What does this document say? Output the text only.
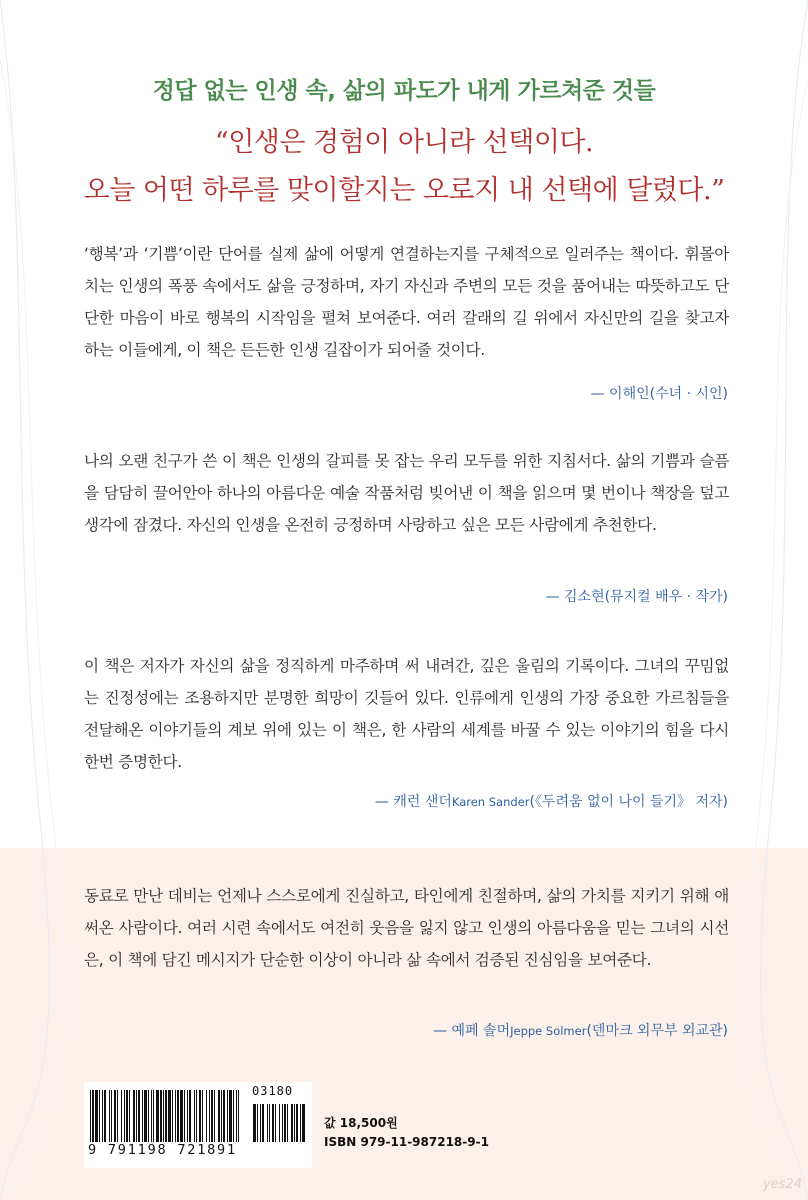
정답 없는 인생 속, 삶의 파도가 내게 가르쳐준 것들
“인생은 경험이 아니라 선택이다.
오늘 어떤 하루를 맞이할지는 오로지 내 선택에 달렸다.”

‘행복’과 ‘기쁨’이란 단어를 실제 삶에 어떻게 연결하는지를 구체적으로 일러주는 책이다. 휘몰아치는 인생의 폭풍 속에서도 삶을 긍정하며, 자기 자신과 주변의 모든 것을 품어내는 따뜻하고도 단단한 마음이 바로 행복의 시작임을 펼쳐 보여준다. 여러 갈래의 길 위에서 자신만의 길을 찾고자 하는 이들에게, 이 책은 든든한 인생 길잡이가 되어줄 것이다.

— 이해인(수녀 · 시인)

나의 오랜 친구가 쓴 이 책은 인생의 갈피를 못 잡는 우리 모두를 위한 지침서다. 삶의 기쁨과 슬픔을 담담히 끌어안아 하나의 아름다운 예술 작품처럼 빚어낸 이 책을 읽으며 몇 번이나 책장을 덮고 생각에 잠겼다. 자신의 인생을 온전히 긍정하며 사랑하고 싶은 모든 사람에게 추천한다.

— 김소현(뮤지컬 배우 · 작가)

이 책은 저자가 자신의 삶을 정직하게 마주하며 써 내려간, 깊은 울림의 기록이다. 그녀의 꾸밈없는 진정성에는 조용하지만 분명한 희망이 깃들어 있다. 인류에게 인생의 가장 중요한 가르침들을 전달해온 이야기들의 계보 위에 있는 이 책은, 한 사람의 세계를 바꿀 수 있는 이야기의 힘을 다시 한번 증명한다.

— 캐런 샌더Karen Sander(《두려움 없이 나이 들기》 저자)

동료로 만난 데비는 언제나 스스로에게 진실하고, 타인에게 친절하며, 삶의 가치를 지키기 위해 애써온 사람이다. 여러 시련 속에서도 여전히 웃음을 잃지 않고 인생의 아름다움을 믿는 그녀의 시선은, 이 책에 담긴 메시지가 단순한 이상이 아니라 삶 속에서 검증된 진심임을 보여준다.

— 예페 솔머Jeppe Solmer(덴마크 외무부 외교관)

03180
9 791198 721891
값 18,500원
ISBN 979-11-987218-9-1
yes24
